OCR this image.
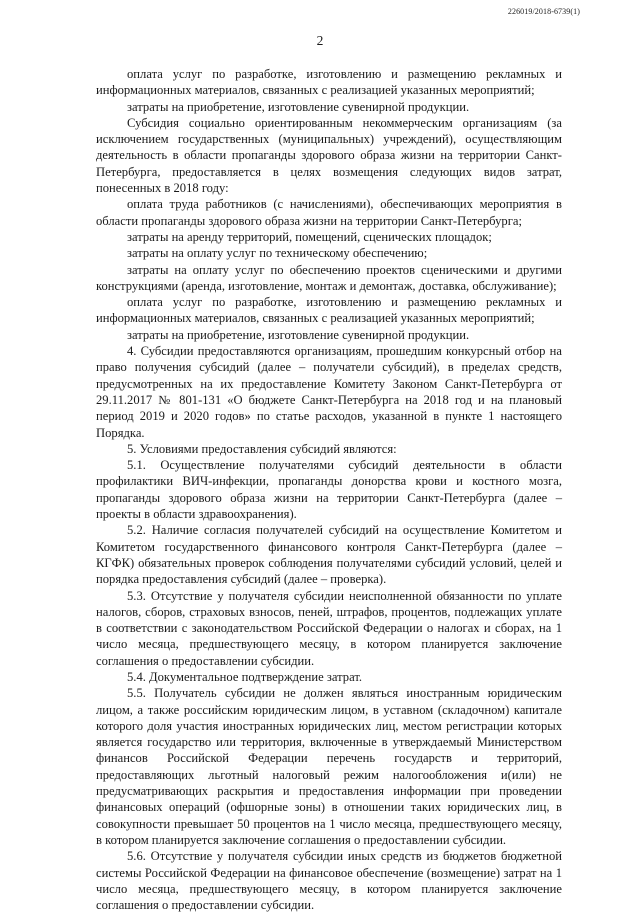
226019/2018-6739(1)
2

оплата услуг по разработке, изготовлению и размещению рекламных и информационных материалов, связанных с реализацией указанных мероприятий;

затраты на приобретение, изготовление сувенирной продукции.

Субсидия социально ориентированным некоммерческим организациям (за исключением государственных (муниципальных) учреждений), осуществляющим деятельность в области пропаганды здорового образа жизни на территории Санкт-Петербурга, предоставляется в целях возмещения следующих видов затрат, понесенных в 2018 году:

оплата труда работников (с начислениями), обеспечивающих мероприятия в области пропаганды здорового образа жизни на территории Санкт-Петербурга;

затраты на аренду территорий, помещений, сценических площадок;

затраты на оплату услуг по техническому обеспечению;

затраты на оплату услуг по обеспечению проектов сценическими и другими конструкциями (аренда, изготовление, монтаж и демонтаж, доставка, обслуживание);

оплата услуг по разработке, изготовлению и размещению рекламных и информационных материалов, связанных с реализацией указанных мероприятий;

затраты на приобретение, изготовление сувенирной продукции.

4. Субсидии предоставляются организациям, прошедшим конкурсный отбор на право получения субсидий (далее – получатели субсидий), в пределах средств, предусмотренных на их предоставление Комитету Законом Санкт-Петербурга от 29.11.2017 № 801-131 «О бюджете Санкт-Петербурга на 2018 год и на плановый период 2019 и 2020 годов» по статье расходов, указанной в пункте 1 настоящего Порядка.

5. Условиями предоставления субсидий являются:

5.1. Осуществление получателями субсидий деятельности в области профилактики ВИЧ-инфекции, пропаганды донорства крови и костного мозга, пропаганды здорового образа жизни на территории Санкт-Петербурга (далее – проекты в области здравоохранения).

5.2. Наличие согласия получателей субсидий на осуществление Комитетом и Комитетом государственного финансового контроля Санкт-Петербурга (далее – КГФК) обязательных проверок соблюдения получателями субсидий условий, целей и порядка предоставления субсидий (далее – проверка).

5.3. Отсутствие у получателя субсидии неисполненной обязанности по уплате налогов, сборов, страховых взносов, пеней, штрафов, процентов, подлежащих уплате в соответствии с законодательством Российской Федерации о налогах и сборах, на 1 число месяца, предшествующего месяцу, в котором планируется заключение соглашения о предоставлении субсидии.

5.4. Документальное подтверждение затрат.

5.5. Получатель субсидии не должен являться иностранным юридическим лицом, а также российским юридическим лицом, в уставном (складочном) капитале которого доля участия иностранных юридических лиц, местом регистрации которых является государство или территория, включенные в утверждаемый Министерством финансов Российской Федерации перечень государств и территорий, предоставляющих льготный налоговый режим налогообложения и(или) не предусматривающих раскрытия и предоставления информации при проведении финансовых операций (офшорные зоны) в отношении таких юридических лиц, в совокупности превышает 50 процентов на 1 число месяца, предшествующего месяцу, в котором планируется заключение соглашения о предоставлении субсидии.

5.6. Отсутствие у получателя субсидии иных средств из бюджетов бюджетной системы Российской Федерации на финансовое обеспечение (возмещение) затрат на 1 число месяца, предшествующего месяцу, в котором планируется заключение соглашения о предоставлении субсидии.
